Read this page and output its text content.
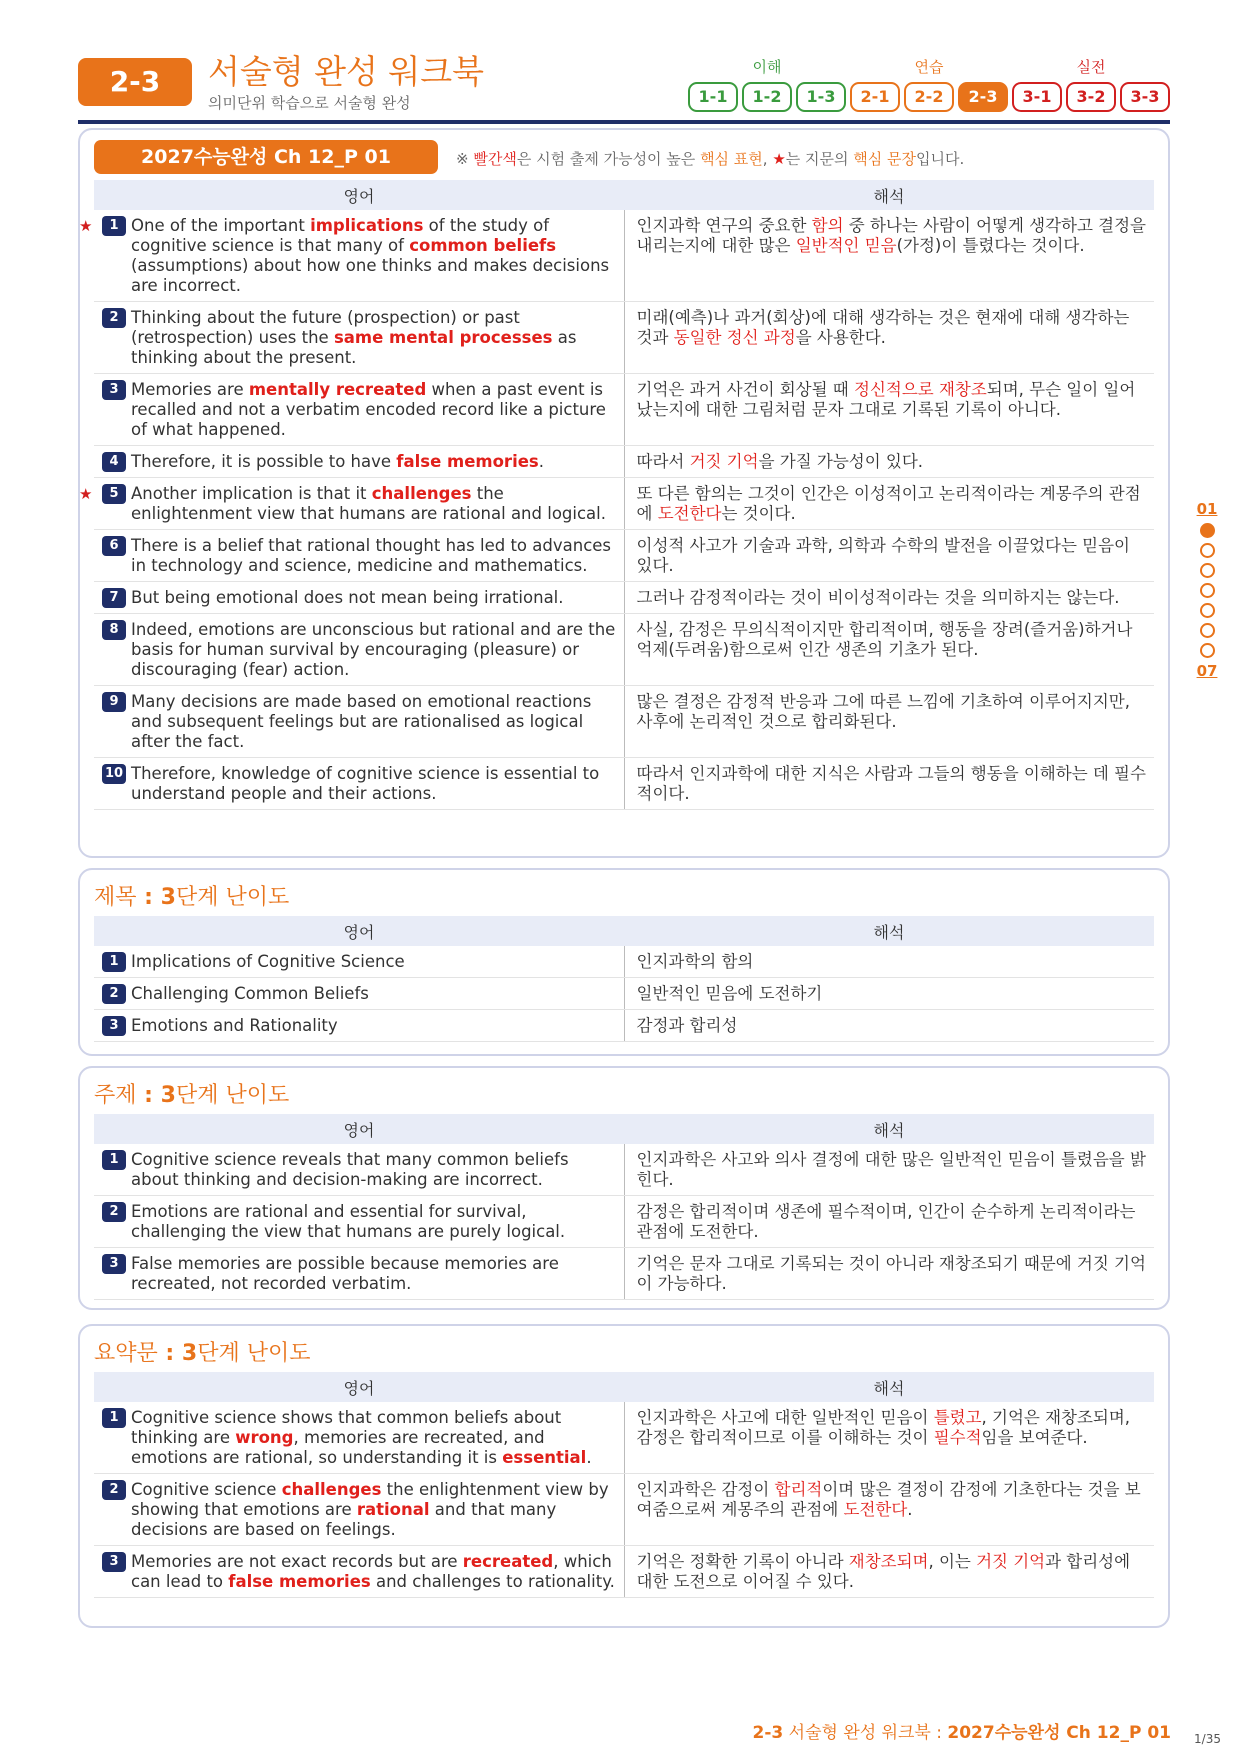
2-3	서술형 완성 워크북
의미단위 학습으로 서술형 완성
이해
1-1	1-2	1-3
연습
2-1	2-2	2-3
실전
3-1	3-2	3-3
2027수능완성 Ch 12_P 01	※ 빨간색은 시험 출제 가능성이 높은 핵심 표현, ★는 지문의 핵심 문장입니다.
영어	해석

★ 1 One of the important implications of the study of cognitive science is that many of common beliefs (assumptions) about how one thinks and makes decisions are incorrect.	인지과학 연구의 중요한 함의 중 하나는 사람이 어떻게 생각하고 결정을 내리는지에 대한 많은 일반적인 믿음(가정)이 틀렸다는 것이다.

2 Thinking about the future (prospection) or past (retrospection) uses the same mental processes as thinking about the present.	미래(예측)나 과거(회상)에 대해 생각하는 것은 현재에 대해 생각하는 것과 동일한 정신 과정을 사용한다.

3 Memories are mentally recreated when a past event is recalled and not a verbatim encoded record like a picture of what happened.	기억은 과거 사건이 회상될 때 정신적으로 재창조되며, 무슨 일이 일어났는지에 대한 그림처럼 문자 그대로 기록된 기록이 아니다.

4 Therefore, it is possible to have false memories.	따라서 거짓 기억을 가질 가능성이 있다.

★ 5 Another implication is that it challenges the enlightenment view that humans are rational and logical.	또 다른 함의는 그것이 인간은 이성적이고 논리적이라는 계몽주의 관점에 도전한다는 것이다.

6 There is a belief that rational thought has led to advances in technology and science, medicine and mathematics.	이성적 사고가 기술과 과학, 의학과 수학의 발전을 이끌었다는 믿음이 있다.

7 But being emotional does not mean being irrational.	그러나 감정적이라는 것이 비이성적이라는 것을 의미하지는 않는다.

8 Indeed, emotions are unconscious but rational and are the basis for human survival by encouraging (pleasure) or discouraging (fear) action.	사실, 감정은 무의식적이지만 합리적이며, 행동을 장려(즐거움)하거나 억제(두려움)함으로써 인간 생존의 기초가 된다.

9 Many decisions are made based on emotional reactions and subsequent feelings but are rationalised as logical after the fact.	많은 결정은 감정적 반응과 그에 따른 느낌에 기초하여 이루어지지만, 사후에 논리적인 것으로 합리화된다.

10 Therefore, knowledge of cognitive science is essential to understand people and their actions.	따라서 인지과학에 대한 지식은 사람과 그들의 행동을 이해하는 데 필수적이다.
제목 : 3단계 난이도
영어	해석

1 Implications of Cognitive Science	인지과학의 함의

2 Challenging Common Beliefs	일반적인 믿음에 도전하기

3 Emotions and Rationality	감정과 합리성
주제 : 3단계 난이도
영어	해석

1 Cognitive science reveals that many common beliefs about thinking and decision-making are incorrect.	인지과학은 사고와 의사 결정에 대한 많은 일반적인 믿음이 틀렸음을 밝힌다.

2 Emotions are rational and essential for survival, challenging the view that humans are purely logical.	감정은 합리적이며 생존에 필수적이며, 인간이 순수하게 논리적이라는 관점에 도전한다.

3 False memories are possible because memories are recreated, not recorded verbatim.	기억은 문자 그대로 기록되는 것이 아니라 재창조되기 때문에 거짓 기억이 가능하다.
요약문 : 3단계 난이도
영어	해석

1 Cognitive science shows that common beliefs about thinking are wrong, memories are recreated, and emotions are rational, so understanding it is essential.	인지과학은 사고에 대한 일반적인 믿음이 틀렸고, 기억은 재창조되며, 감정은 합리적이므로 이를 이해하는 것이 필수적임을 보여준다.

2 Cognitive science challenges the enlightenment view by showing that emotions are rational and that many decisions are based on feelings.	인지과학은 감정이 합리적이며 많은 결정이 감정에 기초한다는 것을 보여줌으로써 계몽주의 관점에 도전한다.

3 Memories are not exact records but are recreated, which can lead to false memories and challenges to rationality.	기억은 정확한 기록이 아니라 재창조되며, 이는 거짓 기억과 합리성에 대한 도전으로 이어질 수 있다.
01
07
2-3 서술형 완성 워크북 : 2027수능완성 Ch 12_P 01 1/35
